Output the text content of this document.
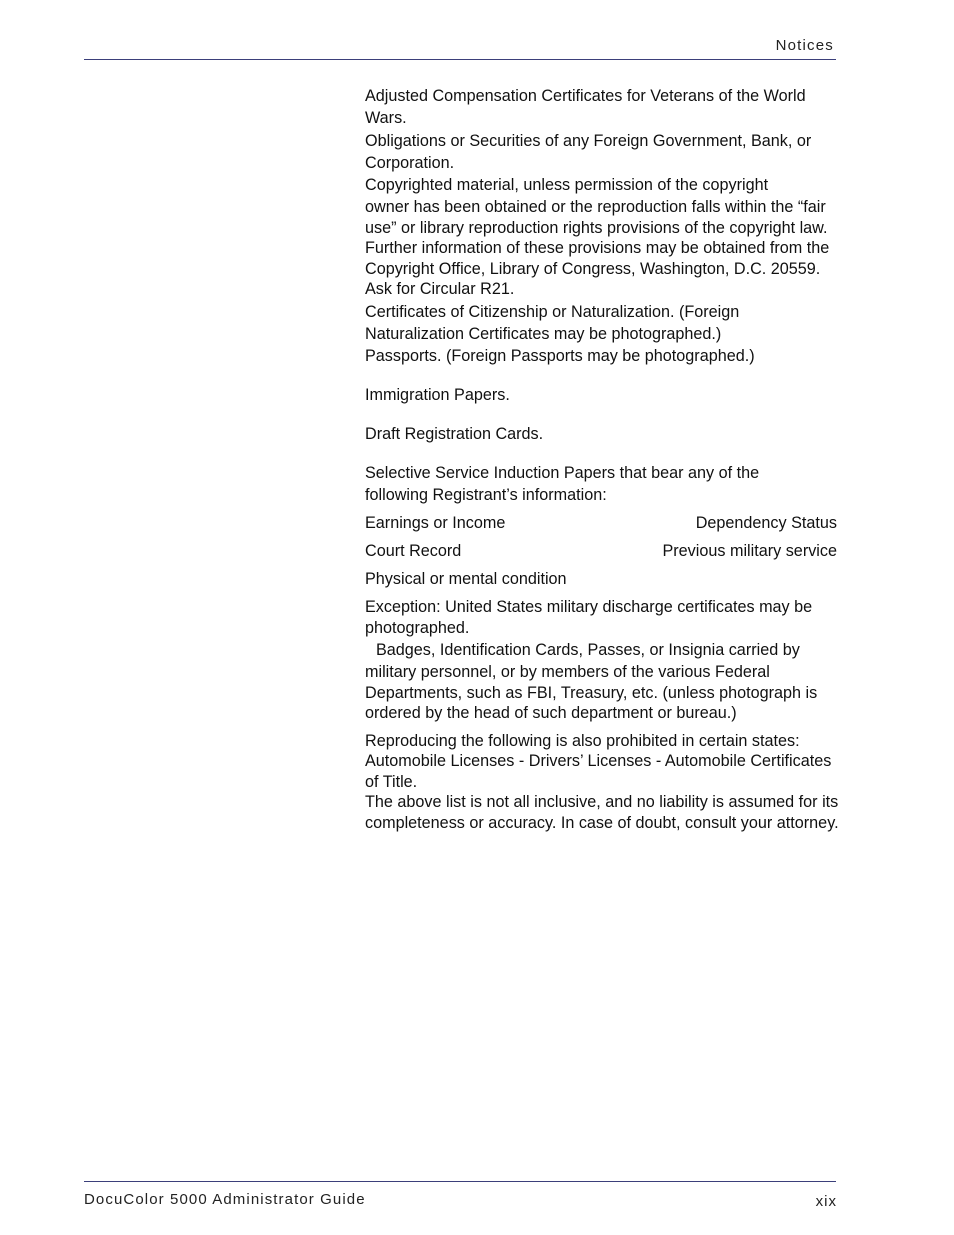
Notices

Adjusted Compensation Certificates for Veterans of the World
Wars.

Obligations or Securities of any Foreign Government, Bank, or
Corporation.

Copyrighted material, unless permission of the copyright
owner has been obtained or the reproduction falls within the “fair use” or library reproduction rights provisions of the copyright law. Further information of these provisions may be obtained from the Copyright Office, Library of Congress, Washington, D.C. 20559. Ask for Circular R21.

Certificates of Citizenship or Naturalization. (Foreign
Naturalization Certificates may be photographed.)

Passports. (Foreign Passports may be photographed.)

Immigration Papers.

Draft Registration Cards.

Selective Service Induction Papers that bear any of the
following Registrant’s information:

Earnings or Income	Dependency Status
Court Record	Previous military service
Physical or mental condition

Exception: United States military discharge certificates may be photographed.

Badges, Identification Cards, Passes, or Insignia carried by
military personnel, or by members of the various Federal Departments, such as FBI, Treasury, etc. (unless photograph is ordered by the head of such department or bureau.)

Reproducing the following is also prohibited in certain states: Automobile Licenses - Drivers’ Licenses - Automobile Certificates of Title.

The above list is not all inclusive, and no liability is assumed for its completeness or accuracy. In case of doubt, consult your attorney.

DocuColor 5000 Administrator Guide	xix
